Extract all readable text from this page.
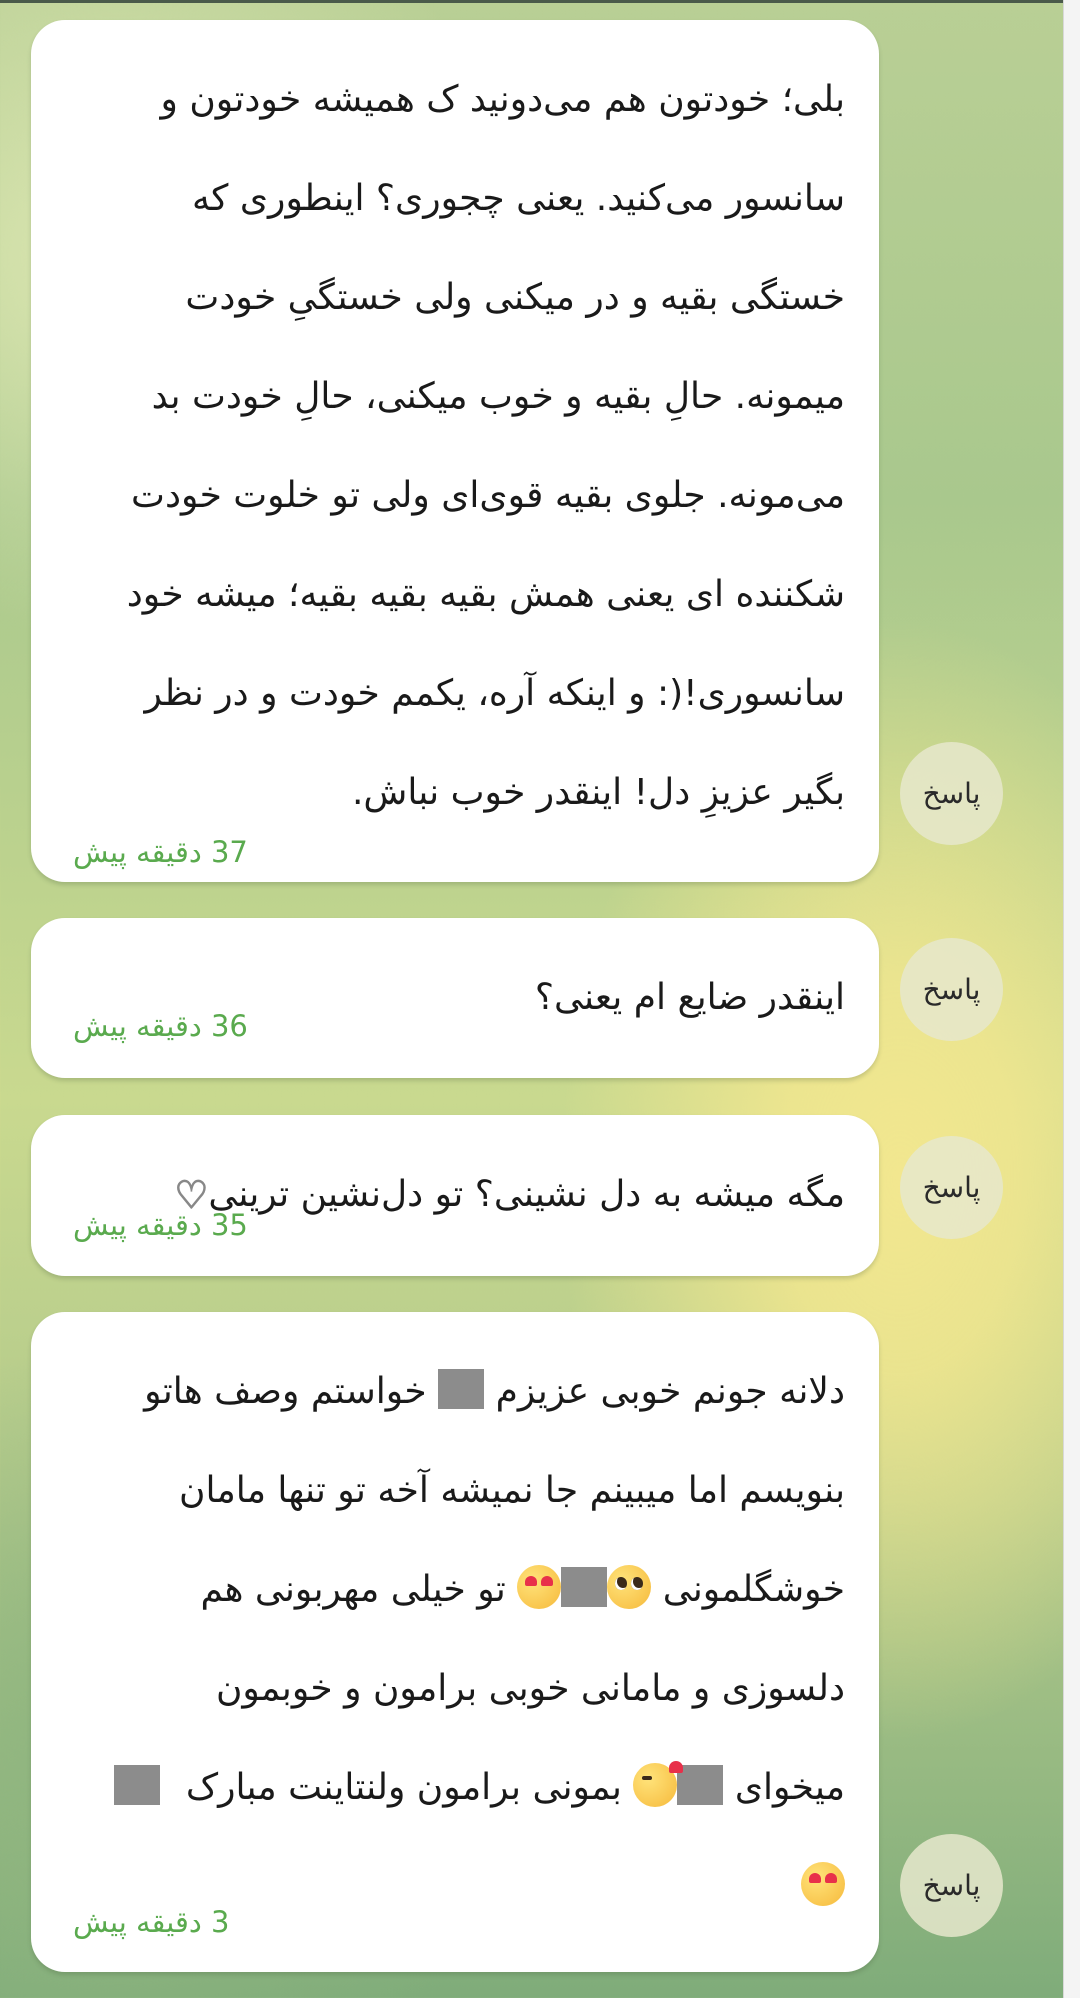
بلی؛ خودتون هم می‌دونید ک همیشه خودتون و
سانسور می‌کنید. یعنی چجوری؟ اینطوری که
خستگی بقیه و در میکنی ولی خستگیِ خودت
میمونه. حالِ بقیه و خوب میکنی، حالِ خودت بد
می‌مونه. جلوی بقیه قوی‌ای ولی تو خلوت خودت
شکننده ای یعنی همش بقیه بقیه بقیه؛ میشه خود
سانسوری!(: و اینکه آره، یکمم خودت و در نظر
بگیر عزیزِ دل! اینقدر خوب نباش.
37 دقیقه پیش
پاسخ
اینقدر ضایع ام یعنی؟
36 دقیقه پیش
پاسخ
مگه میشه به دل نشینی؟ تو دل‌نشین ترینی♡
35 دقیقه پیش
پاسخ
دلانه جونم خوبی عزیزم  خواستم وصف هاتو
بنویسم اما میبینم جا نمیشه آخه تو تنها مامان
خوشگلمونی  تو خیلی مهربونی هم
دلسوزی و مامانی خوبی برامون و خوبمون
میخوای  بمونی برامون ولنتاینت مبارک
3 دقیقه پیش
پاسخ
